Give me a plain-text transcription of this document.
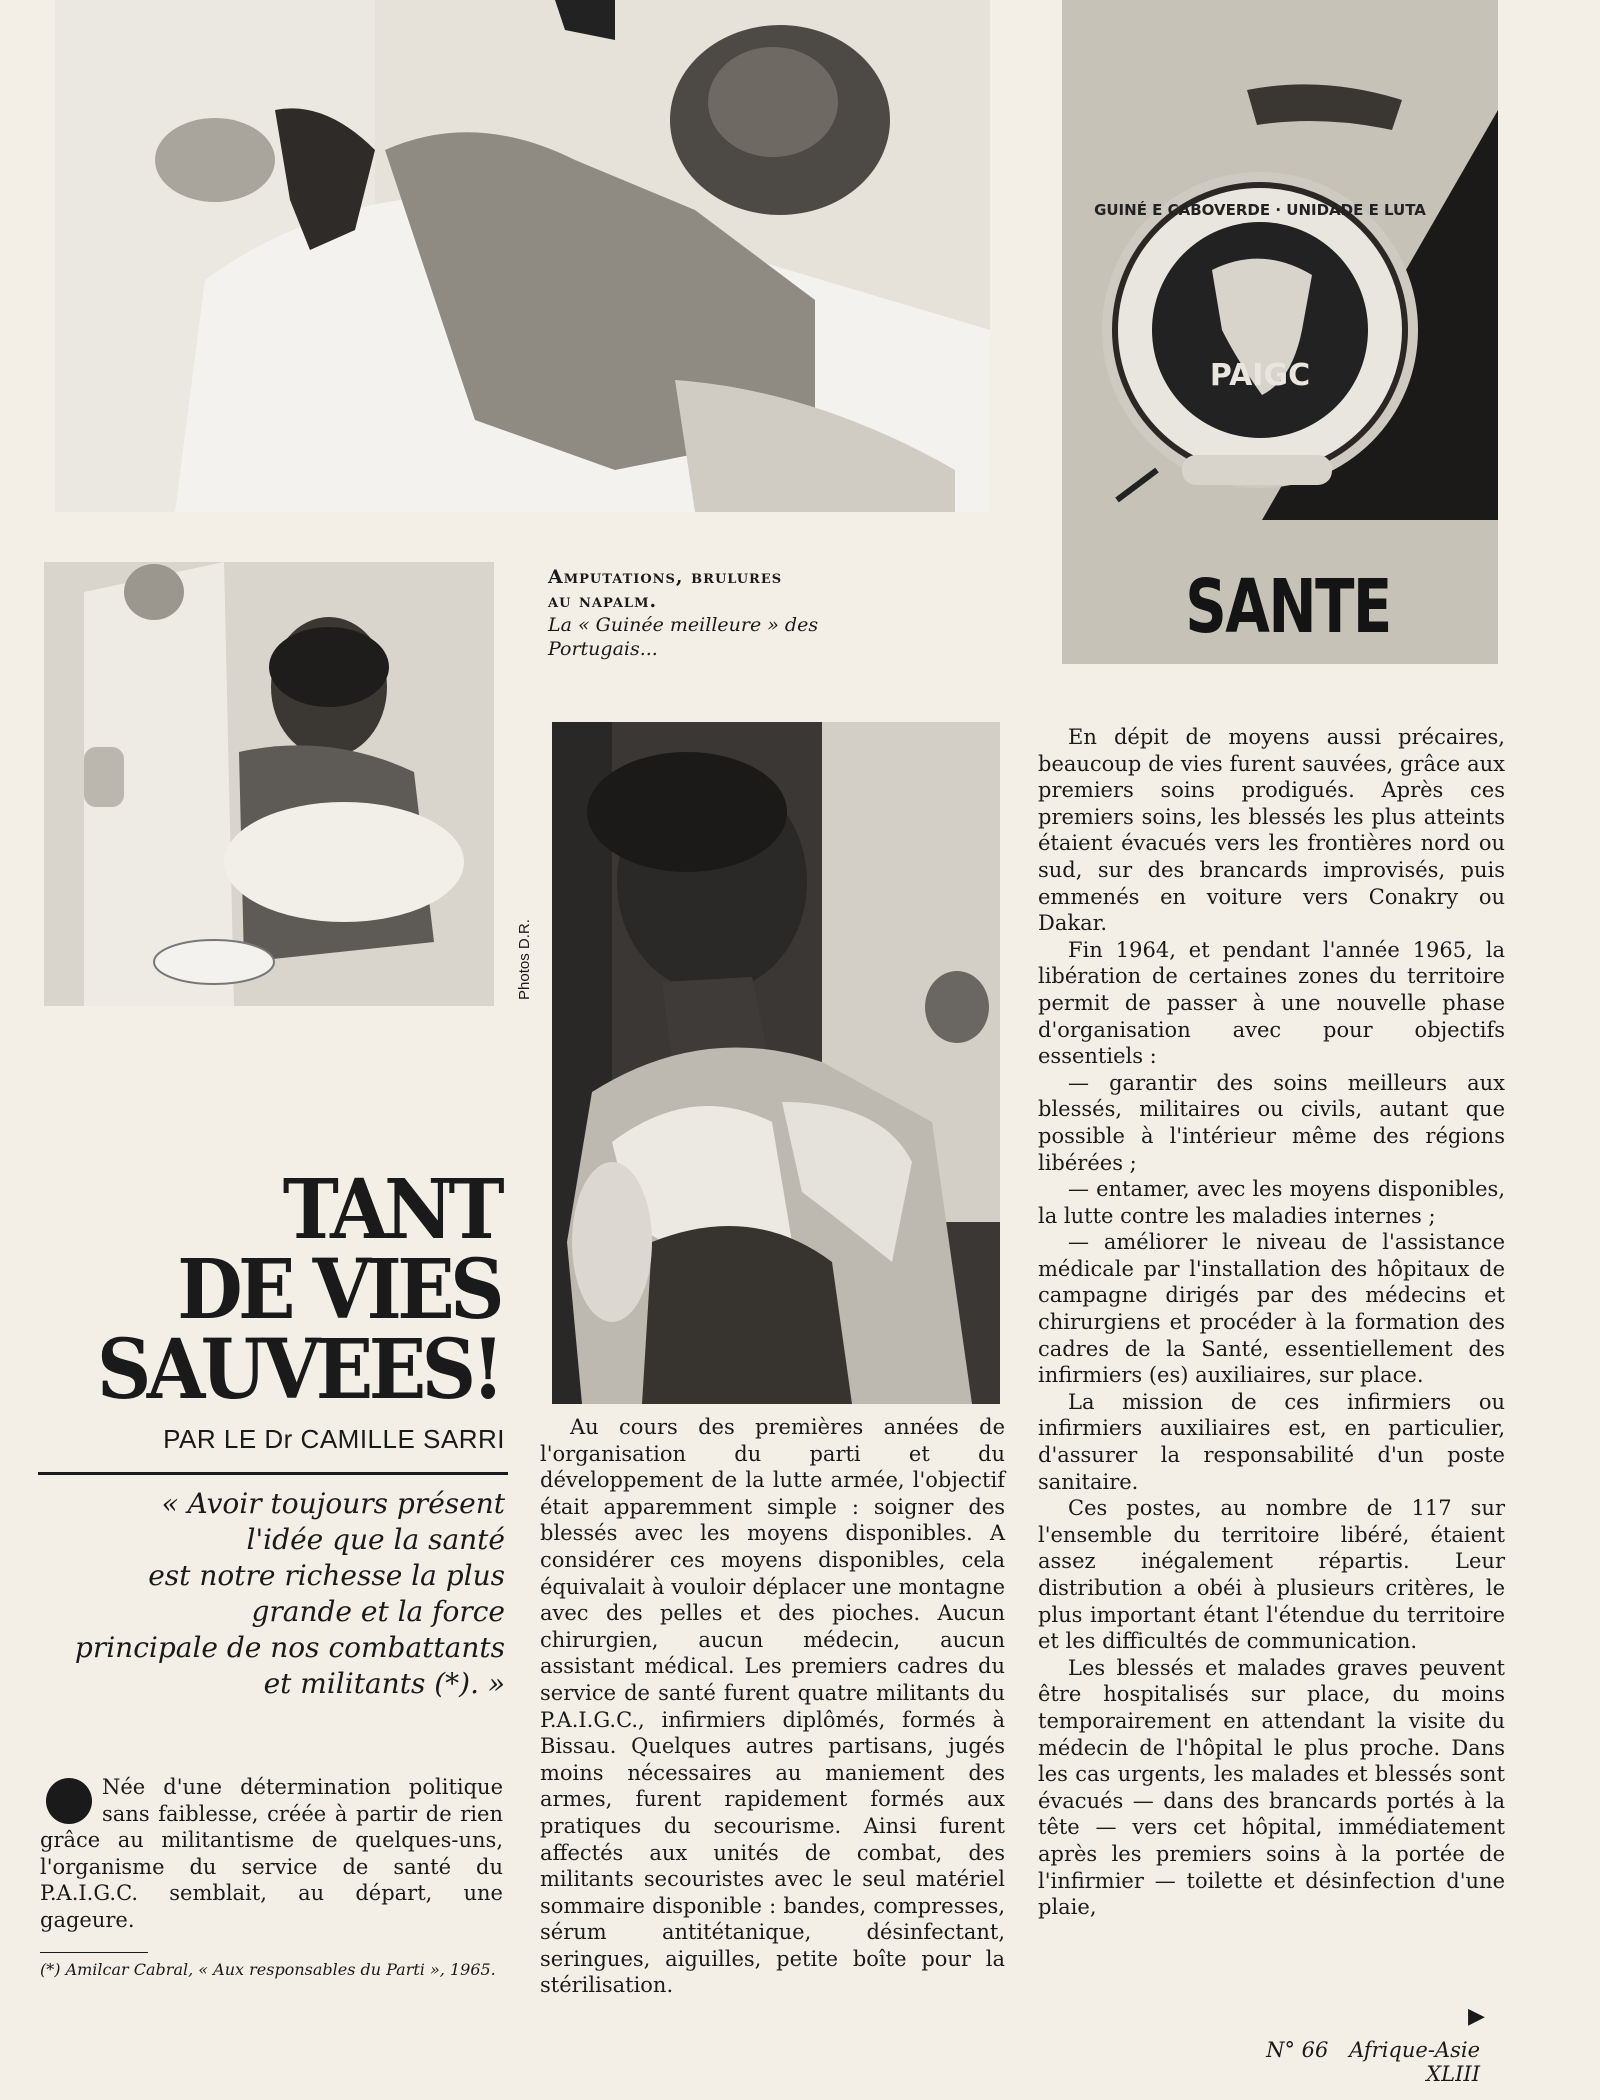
GUINÉ E CABOVERDE · UNIDADE E LUTA
PAIGC
SANTE
Amputations, brulures
au napalm.
La « Guinée meilleure » des
Portugais...
Photos D.R.
TANT
DE VIES
SAUVEES!
PAR LE Dr CAMILLE SARRI
« Avoir toujours présent
l'idée que la santé
est notre richesse la plus
grande et la force
principale de nos combattants
et militants (*). »
Née d'une détermination politique sans faiblesse, créée à partir de rien grâce au militantisme de quelques-uns, l'organisme du service de santé du P.A.I.G.C. semblait, au départ, une gageure.
(*) Amilcar Cabral, « Aux responsables du Parti », 1965.

Au cours des premières années de l'organisation du parti et du développement de la lutte armée, l'objectif était apparemment simple : soigner des blessés avec les moyens disponibles. A considérer ces moyens disponibles, cela équivalait à vouloir déplacer une montagne avec des pelles et des pioches. Aucun chirurgien, aucun médecin, aucun assistant médical. Les premiers cadres du service de santé furent quatre militants du P.A.I.G.C., infirmiers diplômés, formés à Bissau. Quelques autres partisans, jugés moins nécessaires au maniement des armes, furent rapidement formés aux pratiques du secourisme. Ainsi furent affectés aux unités de combat, des militants secouristes avec le seul matériel sommaire disponible : bandes, compresses, sérum antitétanique, désinfectant, seringues, aiguilles, petite boîte pour la stérilisation.

En dépit de moyens aussi précaires, beaucoup de vies furent sauvées, grâce aux premiers soins prodigués. Après ces premiers soins, les blessés les plus atteints étaient évacués vers les frontières nord ou sud, sur des brancards improvisés, puis emmenés en voiture vers Conakry ou Dakar.

Fin 1964, et pendant l'année 1965, la libération de certaines zones du territoire permit de passer à une nouvelle phase d'organisation avec pour objectifs essentiels :

— garantir des soins meilleurs aux blessés, militaires ou civils, autant que possible à l'intérieur même des régions libérées ;

— entamer, avec les moyens disponibles, la lutte contre les maladies internes ;

— améliorer le niveau de l'assistance médicale par l'installation des hôpitaux de campagne dirigés par des médecins et chirurgiens et procéder à la formation des cadres de la Santé, essentiellement des infirmiers (es) auxiliaires, sur place.

La mission de ces infirmiers ou infirmiers auxiliaires est, en particulier, d'assurer la responsabilité d'un poste sanitaire.

Ces postes, au nombre de 117 sur l'ensemble du territoire libéré, étaient assez inégalement répartis. Leur distribution a obéi à plusieurs critères, le plus important étant l'étendue du territoire et les difficultés de communication.

Les blessés et malades graves peuvent être hospitalisés sur place, du moins temporairement en attendant la visite du médecin de l'hôpital le plus proche. Dans les cas urgents, les malades et blessés sont évacués — dans des brancards portés à la tête — vers cet hôpital, immédiatement après les premiers soins à la portée de l'infirmier — toilette et désinfection d'une plaie,

▶
N° 66 Afrique-Asie XLIII
